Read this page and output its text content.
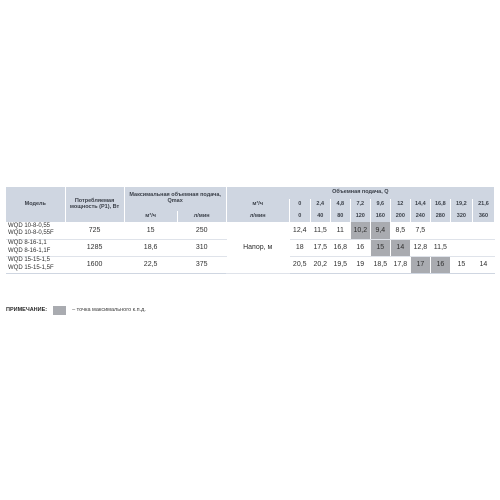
Модель	Потребляемая мощность (P1), Вт	Максимальная объемная подача, Qmax		Объемная подача, Q										
				м³/ч	0	2,4	4,8	7,2	9,6	12	14,4	16,8	19,2	21,6
		м³/ч	л/мин	л/мин	0	40	80	120	160	200	240	280	320	360

WQD 10-8-0,55
WQD 10-8-0,55F	725	15	250	Напор, м	12,4	11,5	11	10,2	9,4	8,5	7,5			

WQD 8-16-1,1
WQD 8-16-1,1F	1285	18,6	310		18	17,5	16,8	16	15	14	12,8	11,5		

WQD 15-15-1,5
WQD 15-15-1,5F	1600	22,5	375		20,5	20,2	19,5	19	18,5	17,8	17	16	15	14
ПРИМЕЧАНИЕ:	– точка максимального к.п.д.
